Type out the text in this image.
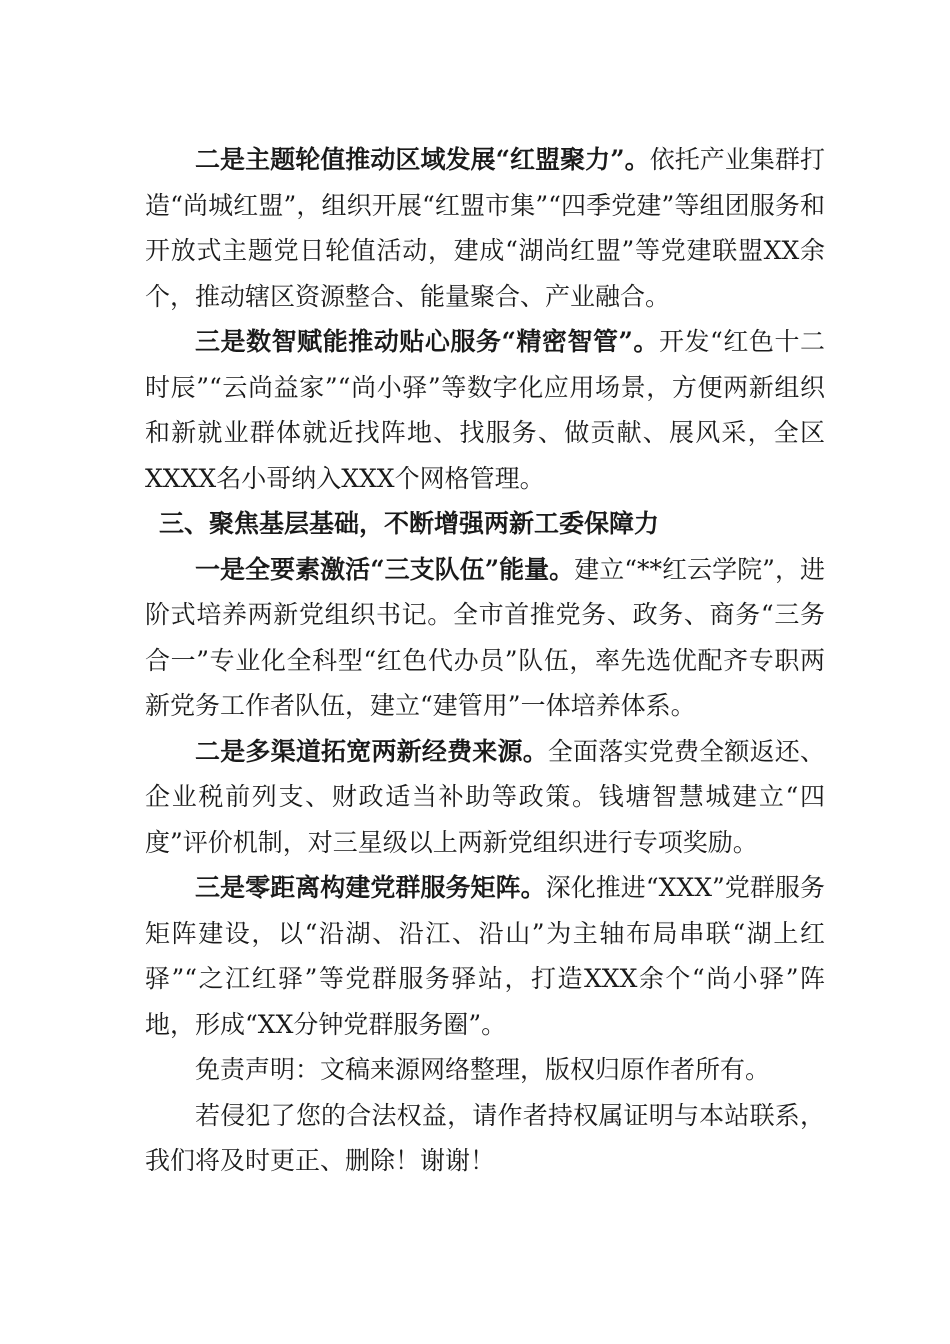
二是主题轮值推动区域发展“红盟聚力”。依托产业集群打造“尚城红盟”，组织开展“红盟市集”“四季党建”等组团服务和开放式主题党日轮值活动，建成“湖尚红盟”等党建联盟XX余个，推动辖区资源整合、能量聚合、产业融合。

三是数智赋能推动贴心服务“精密智管”。开发“红色十二时辰”“云尚益家”“尚小驿”等数字化应用场景，方便两新组织和新就业群体就近找阵地、找服务、做贡献、展风采，全区XXXX名小哥纳入XXX个网格管理。

三、聚焦基层基础，不断增强两新工委保障力

一是全要素激活“三支队伍”能量。建立“**红云学院”，进阶式培养两新党组织书记。全市首推党务、政务、商务“三务合一”专业化全科型“红色代办员”队伍，率先选优配齐专职两新党务工作者队伍，建立“建管用”一体培养体系。

二是多渠道拓宽两新经费来源。全面落实党费全额返还、企业税前列支、财政适当补助等政策。钱塘智慧城建立“四度”评价机制，对三星级以上两新党组织进行专项奖励。

三是零距离构建党群服务矩阵。深化推进“XXX”党群服务矩阵建设，以“沿湖、沿江、沿山”为主轴布局串联“湖上红驿”“之江红驿”等党群服务驿站，打造XXX余个“尚小驿”阵地，形成“XX分钟党群服务圈”。

免责声明：文稿来源网络整理，版权归原作者所有。

若侵犯了您的合法权益，请作者持权属证明与本站联系，我们将及时更正、删除！谢谢！
